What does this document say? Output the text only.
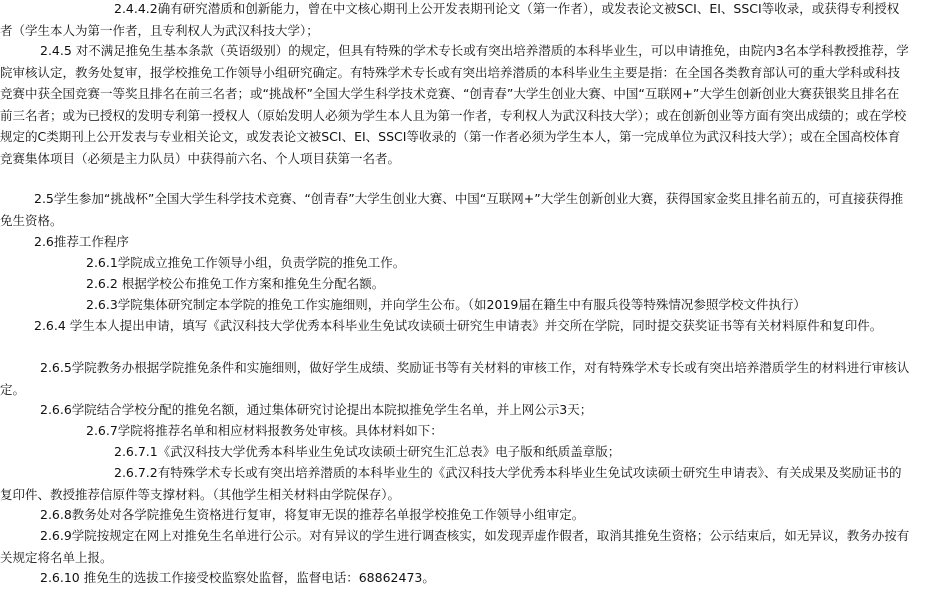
2.4.4.2确有研究潜质和创新能力，曾在中文核心期刊上公开发表期刊论文（第一作者），或发表论文被SCI、EI、SSCI等收录，或获得专利授权者（学生本人为第一作者，且专利权人为武汉科技大学）；

2.4.5 对不满足推免生基本条款（英语级别）的规定，但具有特殊的学术专长或有突出培养潜质的本科毕业生，可以申请推免，由院内3名本学科教授推荐，学院审核认定，教务处复审，报学校推免工作领导小组研究确定。有特殊学术专长或有突出培养潜质的本科毕业生主要是指：在全国各类教育部认可的重大学科或科技竞赛中获全国竞赛一等奖且排名在前三名者；或“挑战杯”全国大学生科学技术竞赛、“创青春”大学生创业大赛、中国“互联网+”大学生创新创业大赛获银奖且排名在前三名者；或为已授权的发明专利第一授权人（原始发明人必须为学生本人且为第一作者，专利权人为武汉科技大学）；或在创新创业等方面有突出成绩的；或在学校规定的C类期刊上公开发表与专业相关论文，或发表论文被SCI、EI、SSCI等收录的（第一作者必须为学生本人，第一完成单位为武汉科技大学）；或在全国高校体育竞赛集体项目（必须是主力队员）中获得前六名、个人项目获第一名者。

2.5学生参加“挑战杯”全国大学生科学技术竞赛、“创青春”大学生创业大赛、中国“互联网+”大学生创新创业大赛，获得国家金奖且排名前五的，可直接获得推免生资格。

2.6推荐工作程序

2.6.1学院成立推免工作领导小组，负责学院的推免工作。

2.6.2 根据学校公布推免工作方案和推免生分配名额。

2.6.3学院集体研究制定本学院的推免工作实施细则，并向学生公布。（如2019届在籍生中有服兵役等特殊情况参照学校文件执行）

2.6.4 学生本人提出申请，填写《武汉科技大学优秀本科毕业生免试攻读硕士研究生申请表》并交所在学院，同时提交获奖证书等有关材料原件和复印件。

2.6.5学院教务办根据学院推免条件和实施细则，做好学生成绩、奖励证书等有关材料的审核工作，对有特殊学术专长或有突出培养潜质学生的材料进行审核认定。

2.6.6学院结合学校分配的推免名额，通过集体研究讨论提出本院拟推免学生名单，并上网公示3天；

2.6.7学院将推荐名单和相应材料报教务处审核。具体材料如下：

2.6.7.1《武汉科技大学优秀本科毕业生免试攻读硕士研究生汇总表》电子版和纸质盖章版；

2.6.7.2有特殊学术专长或有突出培养潜质的本科毕业生的《武汉科技大学优秀本科毕业生免试攻读硕士研究生申请表》、有关成果及奖励证书的复印件、教授推荐信原件等支撑材料。（其他学生相关材料由学院保存）。

2.6.8教务处对各学院推免生资格进行复审，将复审无误的推荐名单报学校推免工作领导小组审定。

2.6.9学院按规定在网上对推免生名单进行公示。对有异议的学生进行调查核实，如发现弄虚作假者，取消其推免生资格；公示结束后，如无异议，教务办按有关规定将名单上报。

2.6.10 推免生的选拔工作接受校监察处监督，监督电话：68862473。
